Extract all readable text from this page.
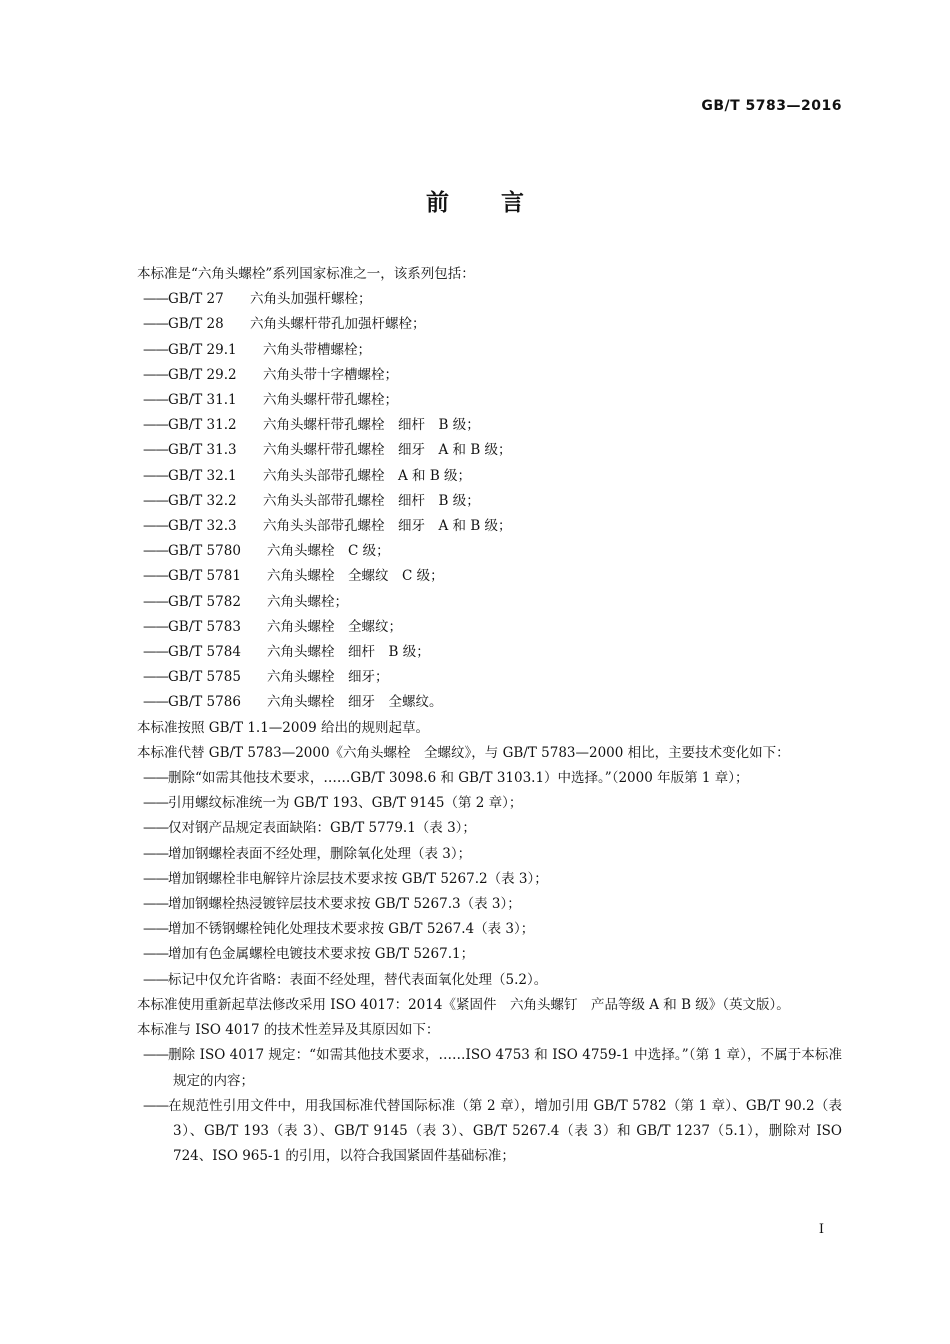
GB/T 5783—2016
前言

本标准是“六角头螺栓”系列国家标准之一，该系列包括：

——GB/T 27 六角头加强杆螺栓；

——GB/T 28 六角头螺杆带孔加强杆螺栓；

——GB/T 29.1 六角头带槽螺栓；

——GB/T 29.2 六角头带十字槽螺栓；

——GB/T 31.1 六角头螺杆带孔螺栓；

——GB/T 31.2 六角头螺杆带孔螺栓　细杆　B 级；

——GB/T 31.3 六角头螺杆带孔螺栓　细牙　A 和 B 级；

——GB/T 32.1 六角头头部带孔螺栓　A 和 B 级；

——GB/T 32.2 六角头头部带孔螺栓　细杆　B 级；

——GB/T 32.3 六角头头部带孔螺栓　细牙　A 和 B 级；

——GB/T 5780 六角头螺栓　C 级；

——GB/T 5781 六角头螺栓　全螺纹　C 级；

——GB/T 5782 六角头螺栓；

——GB/T 5783 六角头螺栓　全螺纹；

——GB/T 5784 六角头螺栓　细杆　B 级；

——GB/T 5785 六角头螺栓　细牙；

——GB/T 5786 六角头螺栓　细牙　全螺纹。

本标准按照 GB/T 1.1—2009 给出的规则起草。

本标准代替 GB/T 5783—2000《六角头螺栓　全螺纹》，与 GB/T 5783—2000 相比，主要技术变化如下：

——删除“如需其他技术要求，……GB/T 3098.6 和 GB/T 3103.1）中选择。”（2000 年版第 1 章）；

——引用螺纹标准统一为 GB/T 193、GB/T 9145（第 2 章）；

——仅对钢产品规定表面缺陷：GB/T 5779.1（表 3）；

——增加钢螺栓表面不经处理，删除氧化处理（表 3）；

——增加钢螺栓非电解锌片涂层技术要求按 GB/T 5267.2（表 3）；

——增加钢螺栓热浸镀锌层技术要求按 GB/T 5267.3（表 3）；

——增加不锈钢螺栓钝化处理技术要求按 GB/T 5267.4（表 3）；

——增加有色金属螺栓电镀技术要求按 GB/T 5267.1；

——标记中仅允许省略：表面不经处理，替代表面氧化处理（5.2）。

本标准使用重新起草法修改采用 ISO 4017：2014《紧固件　六角头螺钉　产品等级 A 和 B 级》（英文版）。

本标准与 ISO 4017 的技术性差异及其原因如下：

——删除 ISO 4017 规定：“如需其他技术要求，……ISO 4753 和 ISO 4759-1 中选择。”（第 1 章），不属于本标准规定的内容；

——在规范性引用文件中，用我国标准代替国际标准（第 2 章），增加引用 GB/T 5782（第 1 章）、GB/T 90.2（表 3）、GB/T 193（表 3）、GB/T 9145（表 3）、GB/T 5267.4（表 3）和 GB/T 1237（5.1），删除对 ISO 724、ISO 965-1 的引用，以符合我国紧固件基础标准；

I
